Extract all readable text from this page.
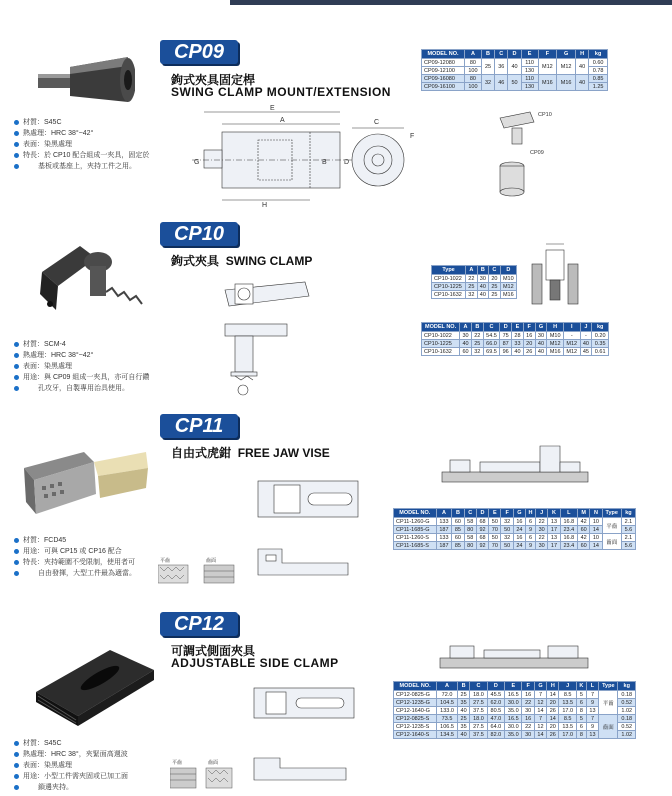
CP09
鉤式夾具固定桿
SWING CLAMP MOUNT/EXTENSION
材質：S45C
熱處理：HRC 38°~42°
表面：染黑處理
特長：於 CP10 配合組成一夾具，固定於
基板或基座上，夾持工件之用。
MODEL NO.	A	B	C	D	E	F	G	H	kg
CP09-12080	80	25	36	40	110	M12	M12	40	0.60
CP09-12100	100				130				0.78
CP09-16080	80	32	46	50	110	M16	M16	40	0.85
CP09-16100	100				130				1.25
E
A	C
F
H
B D
G
CP10
CP09
CP10
鉤式夾具 SWING CLAMP
材質：SCM-4
熱處理：HRC 38°~42°
表面：染黑處理
用途：與 CP09 組成一夾具，亦可自行鑽
孔攻牙，自製專用治具使用。
Type	A	B	C	D
CP10-1022	22	30	20	M10
CP10-1225	25	40	25	M12
CP10-1632	32	40	25	M16
MODEL NO.	A	B	C	D	E	F	G	H	I	J	kg
CP10-1022	30	22	54.5	75	28	16	30	M10	-	-	0.20
CP10-1225	40	25	66.0	87	33	20	40	M12	M12	40	0.35
CP10-1632	60	32	69.5	96	40	26	40	M16	M12	45	0.61
CP11
自由式虎鉗 FREE JAW VISE
材質：FCD45
用途：可與 CP15 或 CP16 配合
特長：夾持範圍不受限制，使用者可
自由發揮，大型工件最為適當。
平齒	齒面
MODEL NO.	A	B	C	D	E	F	G	H	J	K	L	M	N	Type	kg
CP11-1260-G	133	60	58	68	50	32	16	6	22	13	16.8	42	10	平齒	2.1
CP11-1685-G	187	85	80	92	70	50	24	9	30	17	23.4	60	14		5.6
CP11-1260-S	133	60	58	68	50	32	16	6	22	13	16.8	42	10	齒面	2.1
CP11-1685-S	187	85	80	92	70	50	24	9	30	17	23.4	60	14		5.6
CP12
可調式側面夾具
ADJUSTABLE SIDE CLAMP
材質：S45C
熱處理：HRC 38°，夾緊面高週波
表面：染黑處理
用途：小型工件需夾固或已加工面
鎖邊夾持。
平齒	齒面
MODEL NO.	A	B	C	D	E	F	G	H	J	K	L	Type	kg
CP12-0825-G	72.0	25	18.0	45.5	16.5	16	7	14	8.5	5	7	平齒	0.18
CP12-1235-G	104.5	35	27.5	62.0	30.0	22	12	20	13.5	6	9		0.52
CP12-1640-G	133.0	40	37.5	80.5	35.0	30	14	26	17.0	8	13		1.02
CP12-0825-S	73.5	25	18.0	47.0	16.5	16	7	14	8.5	5	7	齒面	0.18
CP12-1235-S	106.5	35	27.5	64.0	30.0	22	12	20	13.5	6	9		0.52
CP12-1640-S	134.5	40	37.5	82.0	35.0	30	14	26	17.0	8	13		1.02
